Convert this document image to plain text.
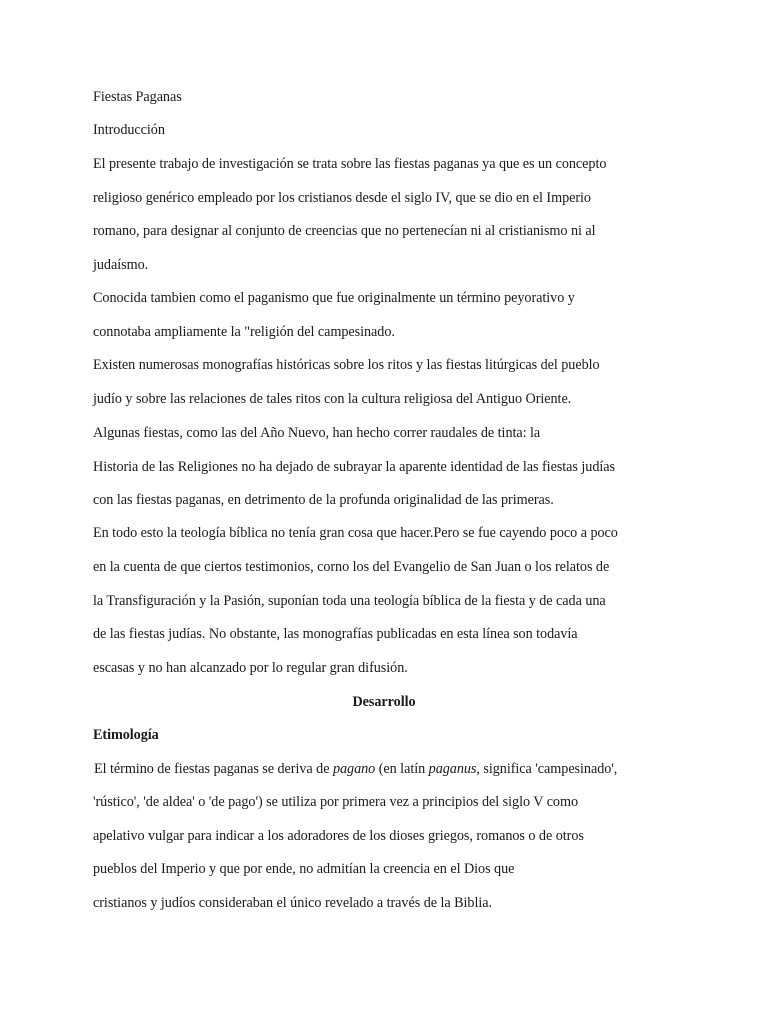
Fiestas Paganas
Introducción
El presente trabajo de investigación se trata sobre las fiestas paganas ya que es un concepto
religioso genérico empleado por los cristianos desde el siglo IV, que se dio en el Imperio
romano, para designar al conjunto de creencias que no pertenecían ni al cristianismo ni al
judaísmo.
Conocida tambien como el paganismo que fue originalmente un término peyorativo y
connotaba ampliamente la "religión del campesinado.
Existen numerosas monografías históricas sobre los ritos y las fiestas litúrgicas del pueblo
judío y sobre las relaciones de tales ritos con la cultura religiosa del Antiguo Oriente.
Algunas fiestas, como las del Año Nuevo, han hecho correr raudales de tinta: la
Historia de las Religiones no ha dejado de subrayar la aparente identidad de las fiestas judías
con las fiestas paganas, en detrimento de la profunda originalidad de las primeras.
En todo esto la teología bíblica no tenía gran cosa que hacer.Pero se fue cayendo poco a poco
en la cuenta de que ciertos testimonios, corno los del Evangelio de San Juan o los relatos de
la Transfiguración y la Pasión, suponían toda una teología bíblica de la fiesta y de cada una
de las fiestas judías. No obstante, las monografías publicadas en esta línea son todavía
escasas y no han alcanzado por lo regular gran difusión.
Desarrollo
Etimología
El término de fiestas paganas se deriva de pagano (en latín paganus, significa 'campesinado',
'rústico', 'de aldea' o 'de pago') se utiliza por primera vez a principios del siglo V como
apelativo vulgar para indicar a los adoradores de los dioses griegos, romanos o de otros
pueblos del Imperio y que por ende, no admitían la creencia en el Dios que
cristianos y judíos consideraban el único revelado a través de la Biblia.
